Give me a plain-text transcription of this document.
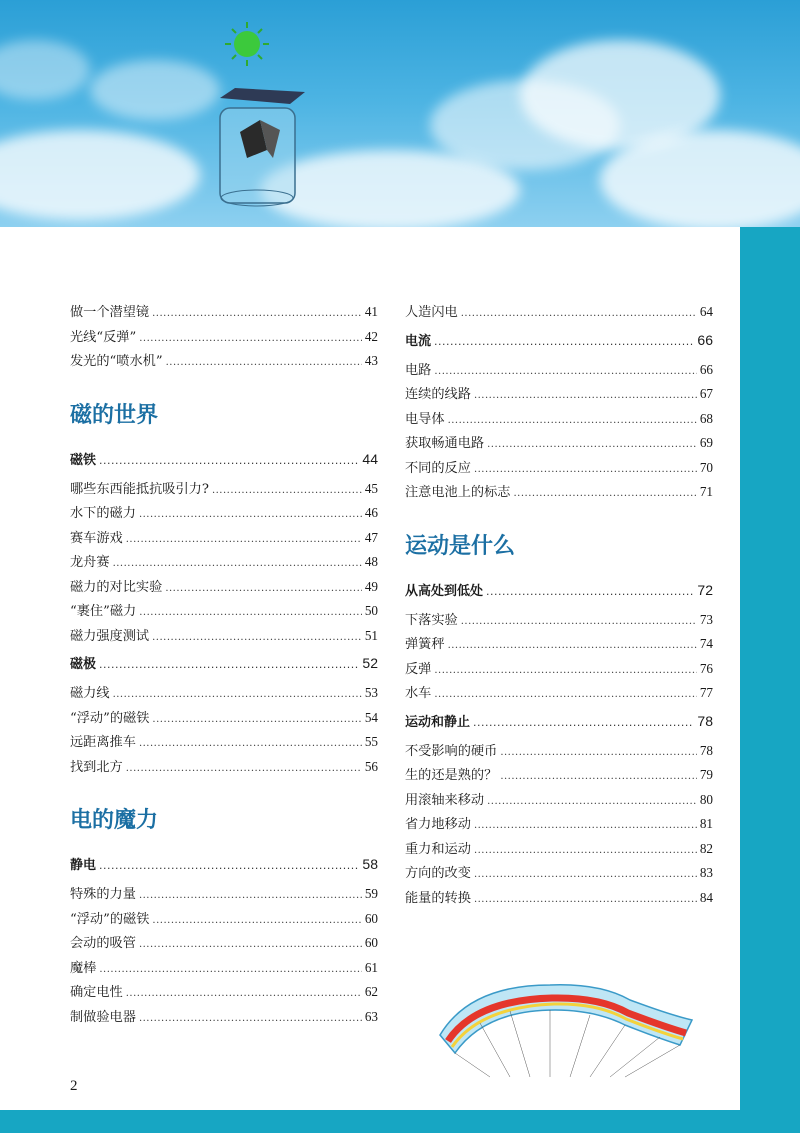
做一个潜望镜 .....	41
光线“反弹” .....	42
发光的“喷水机” .....	43
磁的世界
磁铁 .....	44
哪些东西能抵抗吸引力? .....	45
水下的磁力 .....	46
赛车游戏 .....	47
龙舟赛 .....	48
磁力的对比实验 .....	49
“裹住”磁力 .....	50
磁力强度测试 .....	51
磁极 .....	52
磁力线 .....	53
“浮动”的磁铁 .....	54
远距离推车 .....	55
找到北方 .....	56
电的魔力
静电 .....	58
特殊的力量 .....	59
“浮动”的磁铁 .....	60
会动的吸管 .....	60
魔棒 .....	61
确定电性 .....	62
制做验电器 .....	63
人造闪电 .....	64
电流 .....	66
电路 .....	66
连续的线路 .....	67
电导体 .....	68
获取畅通电路 .....	69
不同的反应 .....	70
注意电池上的标志 .....	71
运动是什么
从高处到低处 .....	72
下落实验 .....	73
弹簧秤 .....	74
反弹 .....	76
水车 .....	77
运动和静止 .....	78
不受影响的硬币 .....	78
生的还是熟的？ .....	79
用滚轴来移动 .....	80
省力地移动 .....	81
重力和运动 .....	82
方向的改变 .....	83
能量的转换 .....	84
2
